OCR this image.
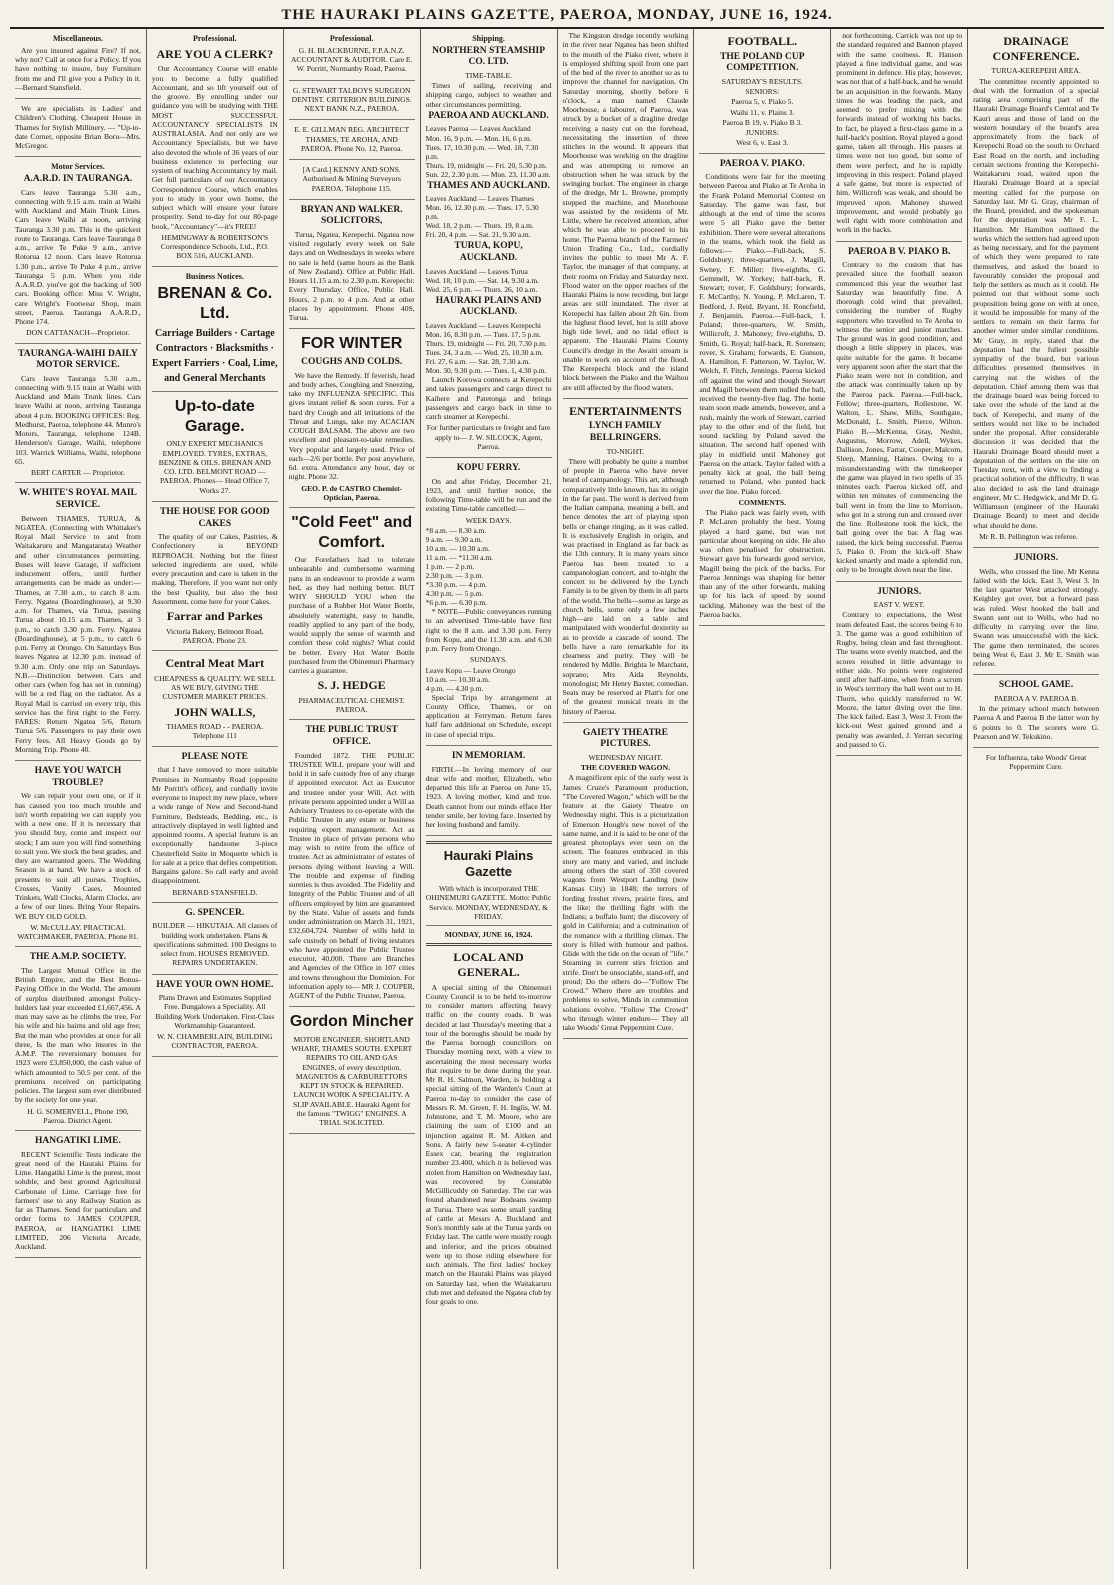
THE HAURAKI PLAINS GAZETTE, PAEROA, MONDAY, JUNE 16, 1924.
Miscellaneous.

Are you insured against Fire? If not, why not? Call at once for a Policy. If you have nothing to insure, buy Furniture from me and I'll give you a Policy in it.—Bernard Stansfield.

We are specialists in Ladies' and Children's Clothing. Cheapest House in Thames for Stylish Millinery. — "Up-to-date Corner, opposite Brian Boru—Mrs. McGregor.

Motor Services.
A.A.R.D. IN TAURANGA.

Cars leave Tauranga 5.30 a.m., connecting with 9.15 a.m. train at Waihi with Auckland and Main Trunk Lines. Cars leave Waihi at noon, arriving Tauranga 3.30 p.m. This is the quickest route to Tauranga. Cars leave Tauranga 8 a.m., arrive Te Puke 9 a.m., arrive Rotorua 12 noon. Cars leave Rotorua 1.30 p.m., arrive Te Puke 4 p.m., arrive Tauranga 5 p.m. When you ride A.A.R.D. you've got the backing of 500 cars. Booking office: Miss V. Wright, care Wright's Footwear Shop, main street, Paeroa. Tauranga A.A.R.D., Phone 174.

DON CATTANACH—Proprietor.
TAURANGA-WAIHI DAILY MOTOR SERVICE.

Cars leave Tauranga 5.30 a.m., connecting with 9.15 train at Waihi with Auckland and Main Trunk lines. Cars leave Waihi at noon, arriving Tauranga about 4 p.m. BOOKING OFFICES: Reg. Medhurst, Paeroa, telephone 44. Munro's Motors, Tauranga, telephone 124B. Henderson's Garage, Waihi, telephone 103. Warrick Williams, Waihi, telephone 65.

BERT CARTER — Proprietor.
W. WHITE'S ROYAL MAIL SERVICE.

Between THAMES, TURUA, & NGATEA. (Connecting with Whittaker's Royal Mail Service to and from Waitakaruru and Mangatarata) Weather and other circumstances permitting. Buses will leave Garage, if sufficient inducement offers, until further arrangements can be made as under:— Thames, at 7.30 a.m., to catch 8 a.m. Ferry. Ngatea (Boardinghouse), at 9.30 a.m. for Thames, via Turua, passing Turua about 10.15 a.m. Thames, at 3 p.m., to catch 3.30 p.m. Ferry. Ngatea (Boardinghouse), at 5 p.m., to catch 6 p.m. Ferry at Orongo. On Saturdays Bus leaves Ngatea at 12.30 p.m. instead of 9.30 a.m. Only one trip on Saturdays. N.B.—Distinction between Cars and other cars (when fog has set in running) will be a red flag on the radiator. As a Royal Mail is carried on every trip, this service has the first right to the Ferry. FARES: Return Ngatea 5/6, Return Turua 5/6. Passengers to pay their own Ferry fees. All Heavy Goods go by Morning Trip. Phone 40.

HAVE YOU WATCH TROUBLE?

We can repair your own one, or if it has caused you too much trouble and isn't worth repairing we can supply you with a new one. If it is necessary that you should buy, come and inspect our stock; I am sure you will find something to suit you. We stock the best grades, and they are warranted goers. The Wedding Season is at hand. We have a stock of presents to suit all purses. Trophies, Crosses, Vanity Cases, Mounted Trinkets, Wall Clocks, Alarm Clocks, are a few of our lines. Bring Your Repairs. WE BUY OLD GOLD.

W. McCULLAY. PRACTICAL WATCHMAKER, PAEROA. Phone 81.
THE A.M.P. SOCIETY.

The Largest Mutual Office in the British Empire, and the Best Bonus-Paying Office in the World. The amount of surplus distributed amongst Policy-holders last year exceeded £1,667,456. A man may save as he climbs the tree, For his wife and his bairns and old age free; But the man who provides at once for all three, Is the man who insures in the A.M.P. The reversionary bonuses for 1923 were £3,850,000, the cash value of which amounted to 50.5 per cent. of the premiums received on participating policies. The largest sum ever distributed by the society for one year.

H. G. SOMERVELL, Phone 190, Paeroa. District Agent.
HANGATIKI LIME.

RECENT Scientific Tests indicate the great need of the Hauraki Plains for Lime. Hangatiki Lime is the purest, most soluble, and best ground Agricultural Carbonate of Lime. Carriage free for farmers' use to any Railway Station as far as Thames. Send for particulars and order forms to JAMES COUPER, PAEROA, or HANGATIKI LIME LIMITED, 206 Victoria Arcade, Auckland.

Professional.
ARE YOU A CLERK?

Our Accountancy Course will enable you to become a fully qualified Accountant, and so lift yourself out of the groove. By enrolling under our guidance you will be studying with THE MOST SUCCESSFUL ACCOUNTANCY SPECIALISTS IN AUSTRALASIA. And not only are we Accountancy Specialists, but we have also devoted the whole of 36 years of our business existence to perfecting our system of teaching Accountancy by mail. Get full particulars of our Accountancy Correspondence Course, which enables you to study in your own home, the subject which will ensure your future prosperity. Send to-day for our 80-page book, "Accountancy"—it's FREE!

HEMINGWAY & ROBERTSON'S Correspondence Schools, Ltd., P.O. BOX 516, AUCKLAND.
Business Notices.
BRENAN & Co. Ltd.
Carriage Builders · Cartage Contractors · Blacksmiths · Expert Farriers · Coal, Lime, and General Merchants
Up-to-date Garage.

ONLY EXPERT MECHANICS EMPLOYED. TYRES, EXTRAS, BENZINE & OILS. BRENAN AND CO. LTD. BELMONT ROAD — PAEROA. Phones— Head Office 7, Works 27.

THE HOUSE FOR GOOD CAKES

The quality of our Cakes, Pastries, & Confectionery is BEYOND REPROACH. Nothing but the finest selected ingredients are used, while every precaution and care is taken in the making. Therefore, if you want not only the best Quality, but also the best Assortment, come here for your Cakes.

Farrar and Parkes
Victoria Bakery, Belmont Road, PAEROA. Phone 23.
Central Meat Mart
CHEAPNESS & QUALITY. WE SELL AS WE BUY, GIVING THE CUSTOMER MARKET PRICES.
JOHN WALLS,
THAMES ROAD - - PAEROA. Telephone 111
PLEASE NOTE

that I have removed to more suitable Premises in Normanby Road (opposite Mr Porritt's office), and cordially invite everyone to inspect my new place, where a wide range of New and Second-hand Furniture, Bedsteads, Bedding, etc., is attractively displayed in well lighted and appointed rooms. A special feature is an exceptionally handsome 3-piece Chesterfield Suite in Moquette which is for sale at a price that defies competition. Bargains galore. So call early and avoid disappointment.

BERNARD STANSFIELD.
G. SPENCER.

BUILDER — HIKUTAIA. All classes of building work undertaken. Plans & specifications submitted. 100 Designs to select from. HOUSES REMOVED. REPAIRS UNDERTAKEN.

HAVE YOUR OWN HOME.

Plans Drawn and Estimates Supplied Free. Bungalows a Speciality. All Building Work Undertaken. First-Class Workmanship Guaranteed.

W. N. CHAMBERLAIN, BUILDING CONTRACTOR, PAEROA.
Professional.

G. H. BLACKBURNE, F.P.A.N.Z. ACCOUNTANT & AUDITOR. Care E. W. Porritt, Normanby Road, Paeroa.

G. STEWART TALBOYS SURGEON DENTIST. CRITERION BUILDINGS. NEXT BANK N.Z., PAEROA.

E. E. GILLMAN REG. ARCHITECT THAMES, TE AROHA, AND PAEROA. Phone No. 12, Paeroa.

[A Card.] KENNY AND SONS. Authorised & Mining Surveyors PAEROA. Telephone 115.

BRYAN AND WALKER. SOLICITORS,

Turua, Ngatea, Kerepechi. Ngatea now visited regularly every week on Sale days and on Wednesdays in weeks where no sale is held (same hours as the Bank of New Zealand). Office at Public Hall. Hours 11.15 a.m. to 2.30 p.m. Kerepechi: Every Thursday. Office, Public Hall. Hours, 2 p.m. to 4 p.m. And at other places by appointment. Phone 40S, Turua.

FOR WINTER
COUGHS AND COLDS.

We have the Remedy. If feverish, head and body aches, Coughing and Sneezing, take my INFLUENZA SPECIFIC. This gives instant relief & soon cures. For a hard dry Cough and all irritations of the Throat and Lungs, take my ACACIAN COUGH BALSAM. The above are two excellent and pleasant-to-take remedies. Very popular and largely used. Price of each—2/6 per bottle. Per post anywhere, 6d. extra. Attendance any hour, day or night. Phone 32.

GEO. P. de CASTRO Chemist-Optician, Paeroa.
"Cold Feet" and Comfort.

Our Forefathers had to tolerate unbearable and cumbersome warming pans in an endeavour to provide a warm bed, as they had nothing better. BUT WHY SHOULD YOU when the purchase of a Rubber Hot Water Bottle, absolutely watertight, easy to handle, readily applied to any part of the body, would supply the sense of warmth and comfort these cold nights? What could be better. Every Hot Water Bottle purchased from the Ohinemuri Pharmacy carries a guarantee.

S. J. HEDGE
PHARMACEUTICAL CHEMIST. PAEROA.
THE PUBLIC TRUST OFFICE.

Founded 1872. THE PUBLIC TRUSTEE WILL prepare your will and hold it in safe custody free of any charge if appointed executor. Act as Executor and trustee under your Will. Act with private persons appointed under a Will as Advisory Trustees to co-operate with the Public Trustee in any estate or business requiring expert management. Act as Trustee in place of private persons who may wish to retire from the office of trustee. Act as administrator of estates of persons dying without leaving a Will. The trouble and expense of finding sureties is thus avoided. The Fidelity and Integrity of the Public Trustee and of all officers employed by him are guaranteed by the State. Value of assets and funds under administration on March 31, 1921, £32,604,724. Number of wills held in safe custody on behalf of living testators who have appointed the Public Trustee executor, 40,000. There are Branches and Agencies of the Office in 107 cities and towns throughout the Dominion. For information apply to— MR J. COUPER, AGENT of the Public Trustee, Paeroa.

Gordon Mincher

MOTOR ENGINEER. SHORTLAND WHARF, THAMES SOUTH. EXPERT REPAIRS TO OIL AND GAS ENGINES, of every description. MAGNETOS & CARBURETTORS KEPT IN STOCK & REPAIRED. LAUNCH WORK A SPECIALITY. A SLIP AVAILABLE. Hauraki Agent for the famous "TWIGG" ENGINES. A TRIAL SOLICITED.

Shipping.
NORTHERN STEAMSHIP CO. LTD.
TIME-TABLE.

Times of sailing, receiving and shipping cargo, subject to weather and other circumstances permitting.

PAEROA AND AUCKLAND.
Leaves Paeroa — Leaves Auckland
Mon. 16, 9 p.m. — Mon. 16, 6 p.m.
Tues. 17, 10.30 p.m. — Wed. 18, 7.30 p.m.
Thurs. 19, midnight — Fri. 20, 5.30 p.m.
Sun. 22, 2.30 p.m. — Mon. 23, 11.30 a.m.
THAMES AND AUCKLAND.
Leaves Auckland — Leaves Thames
Mon. 16, 12.30 p.m. — Tues. 17, 5.30 p.m.
Wed. 18, 2 p.m. — Thurs. 19, 8 a.m.
Fri. 20, 4 p.m. — Sat. 21, 9.30 a.m.
TURUA, KOPU, AUCKLAND.
Leaves Auckland — Leaves Turua
Wed. 18, 10 p.m. — Sat. 14, 9.30 a.m.
Wed. 25, 6 p.m. — Thurs. 26, 10 a.m.
HAURAKI PLAINS AND AUCKLAND.
Leaves Auckland — Leaves Kerepechi
Mon. 16, 8.30 p.m. — Tues. 17, 5 p.m.
Thurs. 19, midnight — Fri. 20, 7.30 p.m.
Tues. 24, 3 a.m. — Wed. 25, 10.30 a.m.
Fri. 27, 6 a.m. — Sat. 28, 7.30 a.m.
Mon. 30, 9.30 p.m. — Tues. 1, 4.30 p.m.

Launch Korowa connects at Kerepechi and takes passengers and cargo direct to Kaihere and Patetonga and brings passengers and cargo back in time to catch steamer at Kerepechi.

For further particulars re freight and fare apply to— J. W. SILCOCK, Agent, Paeroa.

KOPU FERRY.

On and after Friday, December 21, 1923, and until further notice, the following Time-table will be run and the existing Time-table cancelled:—

WEEK DAYS.
*8 a.m. — 8.30 a.m.
9 a.m. — 9.30 a.m.
10 a.m. — 10.30 a.m.
11 a.m. — *11.30 a.m.
1 p.m. — 2 p.m.
2.30 p.m. — 3 p.m.
*3.30 p.m. — 4 p.m.
4.30 p.m. — 5 p.m.
*6 p.m. — 6.30 p.m.

* NOTE—Public conveyances running to an advertised Time-table have first right to the 8 a.m. and 3.30 p.m. Ferry from Kopu, and the 11.30 a.m. and 6.30 p.m. Ferry from Orongo.

SUNDAYS.
Leave Kopu — Leave Orongo
10 a.m. — 10.30 a.m.
4 p.m. — 4.30 p.m.

Special Trips by arrangement at County Office, Thames, or on application at Ferryman. Return fares half fare additional on Schedule, except in case of special trips.

IN MEMORIAM.

FIRTH.—In loving memory of our dear wife and mother, Elizabeth, who departed this life at Paeroa on June 15, 1923. A loving mother, kind and true. Death cannot from our minds efface Her tender smile, her loving face. Inserted by her loving husband and family.

Hauraki Plains Gazette
With which is incorporated THE OHINEMURI GAZETTE. Motto: Public Service. MONDAY, WEDNESDAY, & FRIDAY.
MONDAY, JUNE 16, 1924.
LOCAL AND GENERAL.

A special sitting of the Ohinemuri County Council is to be held to-morrow to consider matters affecting heavy traffic on the county roads. It was decided at last Thursday's meeting that a tour of the boroughs should be made by the Paeroa borough councillors on Thursday morning next, with a view to ascertaining the most necessary works that require to be done during the year. Mr R. H. Salmon, Warden, is holding a special sitting of the Warden's Court at Paeroa to-day to consider the case of Messrs R. M. Green, F. H. Inglis, W. M. Johnstone, and T. M. Moore, who are claiming the sum of £100 and an injunction against R. M. Aitken and Sons. A fairly new 5-seater 4-cylinder Essex car, bearing the registration number 23.400, which it is believed was stolen from Hamilton on Wednesday last, was recovered by Constable McGillicuddy on Saturday. The car was found abandoned near Bodeans swamp at Turua. There was some small yarding of cattle at Messrs A. Buckland and Son's monthly sale at the Turua yards on Friday last. The cattle were mostly rough and inferior, and the prices obtained were up to those ruling elsewhere for such animals. The first ladies' hockey match on the Hauraki Plains was played on Saturday last, when the Waitakaruru club met and defeated the Ngatea club by four goals to one.

The Kingston dredge recently working in the river near Ngatea has been shifted to the mouth of the Piako river, where it is employed shifting spoil from one part of the bed of the river to another so as to improve the channel for navigation. On Saturday morning, shortly before 6 o'clock, a man named Claude Moorhouse, a labourer, of Paeroa, was struck by a bucket of a dragline dredge receiving a nasty cut on the forehead, necessitating the insertion of three stitches in the wound. It appears that Moorhouse was working on the dragline and was attempting to remove an obstruction when he was struck by the swinging bucket. The engineer in charge of the dredge, Mr L. Browne, promptly stopped the machine, and Moorhouse was assisted by the residents of Mr. Little, where he received attention, after which he was able to proceed to his home. The Paeroa branch of the Farmers' Union Trading Co., Ltd., cordially invites the public to meet Mr A. F. Taylor, the manager of that company, at their rooms on Friday and Saturday next. Flood water on the upper reaches of the Hauraki Plains is now receding, but large areas are still inundated. The river at Kerepechi has fallen about 2ft 6in. from the highest flood level, but is still above high tide level, and no tidal effect is apparent. The Hauraki Plains County Council's dredge in the Awaiti stream is unable to work on account of the flood. The Kerepechi block and the island block between the Piako and the Waihou are still affected by the flood waters.

ENTERTAINMENTS
LYNCH FAMILY BELLRINGERS.
TO-NIGHT.

There will probably be quite a number of people in Paeroa who have never heard of campanology. This art, although comparatively little known, has its origin in the far past. The word is derived from the Italian campana, meaning a bell, and hence denotes the art of playing upon bells or change ringing, as it was called. It is exclusively English in origin, and was practised in England as far back as the 13th century. It is many years since Paeroa has been treated to a campanologian concert, and to-night the concert to be delivered by the Lynch Family is to be given by them in all parts of the world. The bells—some as large as church bells, some only a few inches high—are laid on a table and manipulated with wonderful dexterity so as to provide a cascade of sound. The bells have a rare remarkable for its clearness and purity. They will be rendered by Mdlle. Brighta le Marchant, soprano; Mrs Aida Reynolds, monologist; Mr Henry Baxter, comedian. Seats may be reserved at Platt's for one of the greatest musical treats in the history of Paeroa.

GAIETY THEATRE PICTURES.
WEDNESDAY NIGHT.
THE COVERED WAGON.

A magnificent epic of the early west is James Cruze's Paramount production, "The Covered Wagon," which will be the feature at the Gaiety Theatre on Wednesday night. This is a picturization of Emerson Hough's new novel of the same name, and it is said to be one of the greatest photoplays ever seen on the screen. The features embraced in this story are many and varied, and include among others the start of 350 covered wagons from Westport Landing (now Kansas City) in 1848; the terrors of fording freshet rivers, prairie fires, and the like; the thrilling fight with the Indians; a buffalo hunt; the discovery of gold in California; and a culmination of the romance with a thrilling climax. The story is filled with humour and pathos. Glide with the tide on the ocean of "life." Steaming in current stirs friction and strife. Don't be unsociable, stand-off, and proud; Do the others do—"Follow The Crowd." Where there are troubles and problems to solve, Minds in communion solutions evolve. "Follow The Crowd" who through winter endure— They all take Woods' Great Peppermint Cure.

FOOTBALL.
THE POLAND CUP COMPETITION.
SATURDAY'S RESULTS.
SENIORS:
Paeroa 5, v. Piako 5.
Waihi 11, v. Plains 3.
Paeroa B 19, v. Piako B 3.
JUNIORS:
West 6, v. East 3.
PAEROA V. PIAKO.

Conditions were fair for the meeting between Paeroa and Piako at Te Aroha in the Frank Poland Memorial Contest on Saturday. The game was fast, but although at the end of time the scores were 5 all Piako gave the better exhibition. There were several alterations in the teams, which took the field as follows:— Piako.—Full-back, S. Goldsbury; three-quarters, J. Magill, Swney, F. Miller; five-eighths, G. Gemmell, W. Yorkey; half-back, R. Stewart; rover, F. Goldsbury; forwards, F. McCarthy, N. Young, P. McLaren, T. Bedford, J. Reid, Bryant, H. Roncfield, J. Benjamin. Paeroa.—Full-back, I. Poland; three-quarters, W. Smith, Willicroft, J. Mahoney; five-eighths, D. Smith, G. Royal; half-back, R. Sorensen; rover, S. Graham; forwards, E. Gunson, A. Hamilton, F. Patterson, W. Taylor, W. Welch, F. Fitch, Jennings. Paeroa kicked off against the wind and though Stewart and Magill between them nulled the ball, received the twenty-five flag. The home team soon made amends, however, and a rush, mainly the work of Stewart, carried play to the other end of the field, but sound tackling by Poland saved the situation. The second half opened with play in midfield until Mahoney got Paeroa on the attack. Taylor failed with a penalty kick at goal, the ball being returned to Poland, who punted back over the line. Piako forced.

COMMENTS.

The Piako pack was fairly even, with P. McLaren probably the best. Young played a hard game, but was not particular about keeping on side. He also was often penalised for obstruction. Stewart gave his forwards good service, Magill being the pick of the backs. For Paeroa Jennings was shaping for better than any of the other forwards, making up for his lack of speed by sound tackling. Mahoney was the best of the Paeroa backs.

not forthcoming. Carrick was not up to the standard required and Bannon played with the same coolness. R. Hanson played a fine individual game, and was prominent in defence. His play, however, was not that of a half-back, and he would be an acquisition in the forwards. Many times he was leading the pack, and seemed to prefer mixing with the forwards instead of working his backs. In fact, he played a first-class game in a half-back's position. Royal played a good game, taken all through. His passes at times were not too good, but some of them were perfect, and he is rapidly improving in this respect. Poland played a safe game, but more is expected of him. Willicroft was weak, and should be improved upon. Mahoney showed improvement, and would probably go well right with more combination and work in the backs.

PAEROA B V. PIAKO B.

Contrary to the custom that has prevailed since the football season commenced this year the weather last Saturday was beautifully fine. A thorough cold wind that prevailed, considering the number of Rugby supporters who travelled to Te Aroha to witness the senior and junior matches. The ground was in good condition, and though a little slippery in places, was quite suitable for the game. It became very apparent soon after the start that the Piako team were not in condition, and the attack was continually taken up by the Paeroa pack. Paeroa.—Full-back, Fellow; three-quarters, Rollestone, W. Walton, L. Shaw, Mills, Southgate, McDonald, L. Smith, Pierce, Wilton. Piako B.—McKenna, Gray, Nesbit, Augustus, Morrow, Adell, Wykes, Dallison, Jones, Farrar, Cooper, Malcom, Sleep, Manning, Haines. Owing to a misunderstanding with the timekeeper the game was played in two spells of 35 minutes each. Paeroa kicked off, and within ten minutes of commencing the ball went in from the line to Morrison, who got in a strong run and crossed over the line. Rollestone took the kick, the ball going over the bar. A flag was raised, the kick being successful. Paeroa 5, Piako 0. From the kick-off Shaw kicked smartly and made a splendid run, only to be brought down near the line.

JUNIORS.
EAST V. WEST.

Contrary to expectations, the West team defeated East, the scores being 6 to 3. The game was a good exhibition of Rugby, being clean and fast throughout. The teams were evenly matched, and the scores resulted in little advantage to either side. No points were registered until after half-time, when from a scrum in West's territory the ball went out to H. Thorn, who quickly transferred to W. Moore, the latter diving over the line. The kick failed. East 3, West 3. From the kick-out West gained ground and a penalty was awarded, J. Yerran securing and passed to G.

DRAINAGE CONFERENCE.
TURUA-KEREPEHI AREA.

The committee recently appointed to deal with the formation of a special rating area comprising part of the Hauraki Drainage Board's Central and Te Kauri areas and those of land on the western boundary of the board's area approximately from the back of Kerepechi Road on the south to Orchard East Road on the north, and including certain sections fronting the Kerepechi-Waitakaruru road, waited upon the Hauraki Drainage Board at a special meeting called for the purpose on Saturday last. Mr G. Gray, chairman of the Board, presided, and the spokesman for the deputation was Mr F. L. Hamilton. Mr Hamilton outlined the works which the settlers had agreed upon as being necessary, and for the payment of which they were prepared to rate themselves, and asked the board to favourably consider the proposal and help the settlers as much as it could. He pointed out that without some such proposition being gone on with at once, it would be impossible for many of the settlers to remain on their farms for another winter under similar conditions. Mr Gray, in reply, stated that the deputation had the fullest possible sympathy of the board, but various difficulties presented themselves in carrying out the wishes of the deputation. Chief among them was that the drainage board was being forced to take over the whole of the land at the back of Kerepechi, and many of the settlers would not like to be included under the proposal. After considerable discussion it was decided that the Hauraki Drainage Board should meet a deputation of the settlers on the site on Tuesday next, with a view to finding a practical solution of the difficulty. It was also decided to ask the land drainage engineer, Mr C. Hedgwick, and Mr D. G. Williamson (engineer of the Hauraki Drainage Board) to meet and decide what should be done.

Mr R. B. Pellington was referee.

JUNIORS.

Wells, who crossed the line. Mr Kenna failed with the kick. East 3, West 3. In the last quarter West attacked strongly. Keighley got over, but a forward pass was ruled. West hooked the ball and Swann sent out to Wells, who had no difficulty in carrying over the line. Swann was unsuccessful with the kick. The game then terminated, the scores being West 6, East 3. Mr E. Smith was referee.

SCHOOL GAME.
PAEROA A V. PAEROA B.

In the primary school match between Paeroa A and Paeroa B the latter won by 6 points to 0. The scorers were G. Pearson and W. Tekukino.

For Influenza, take Woods' Great Peppermint Cure.
